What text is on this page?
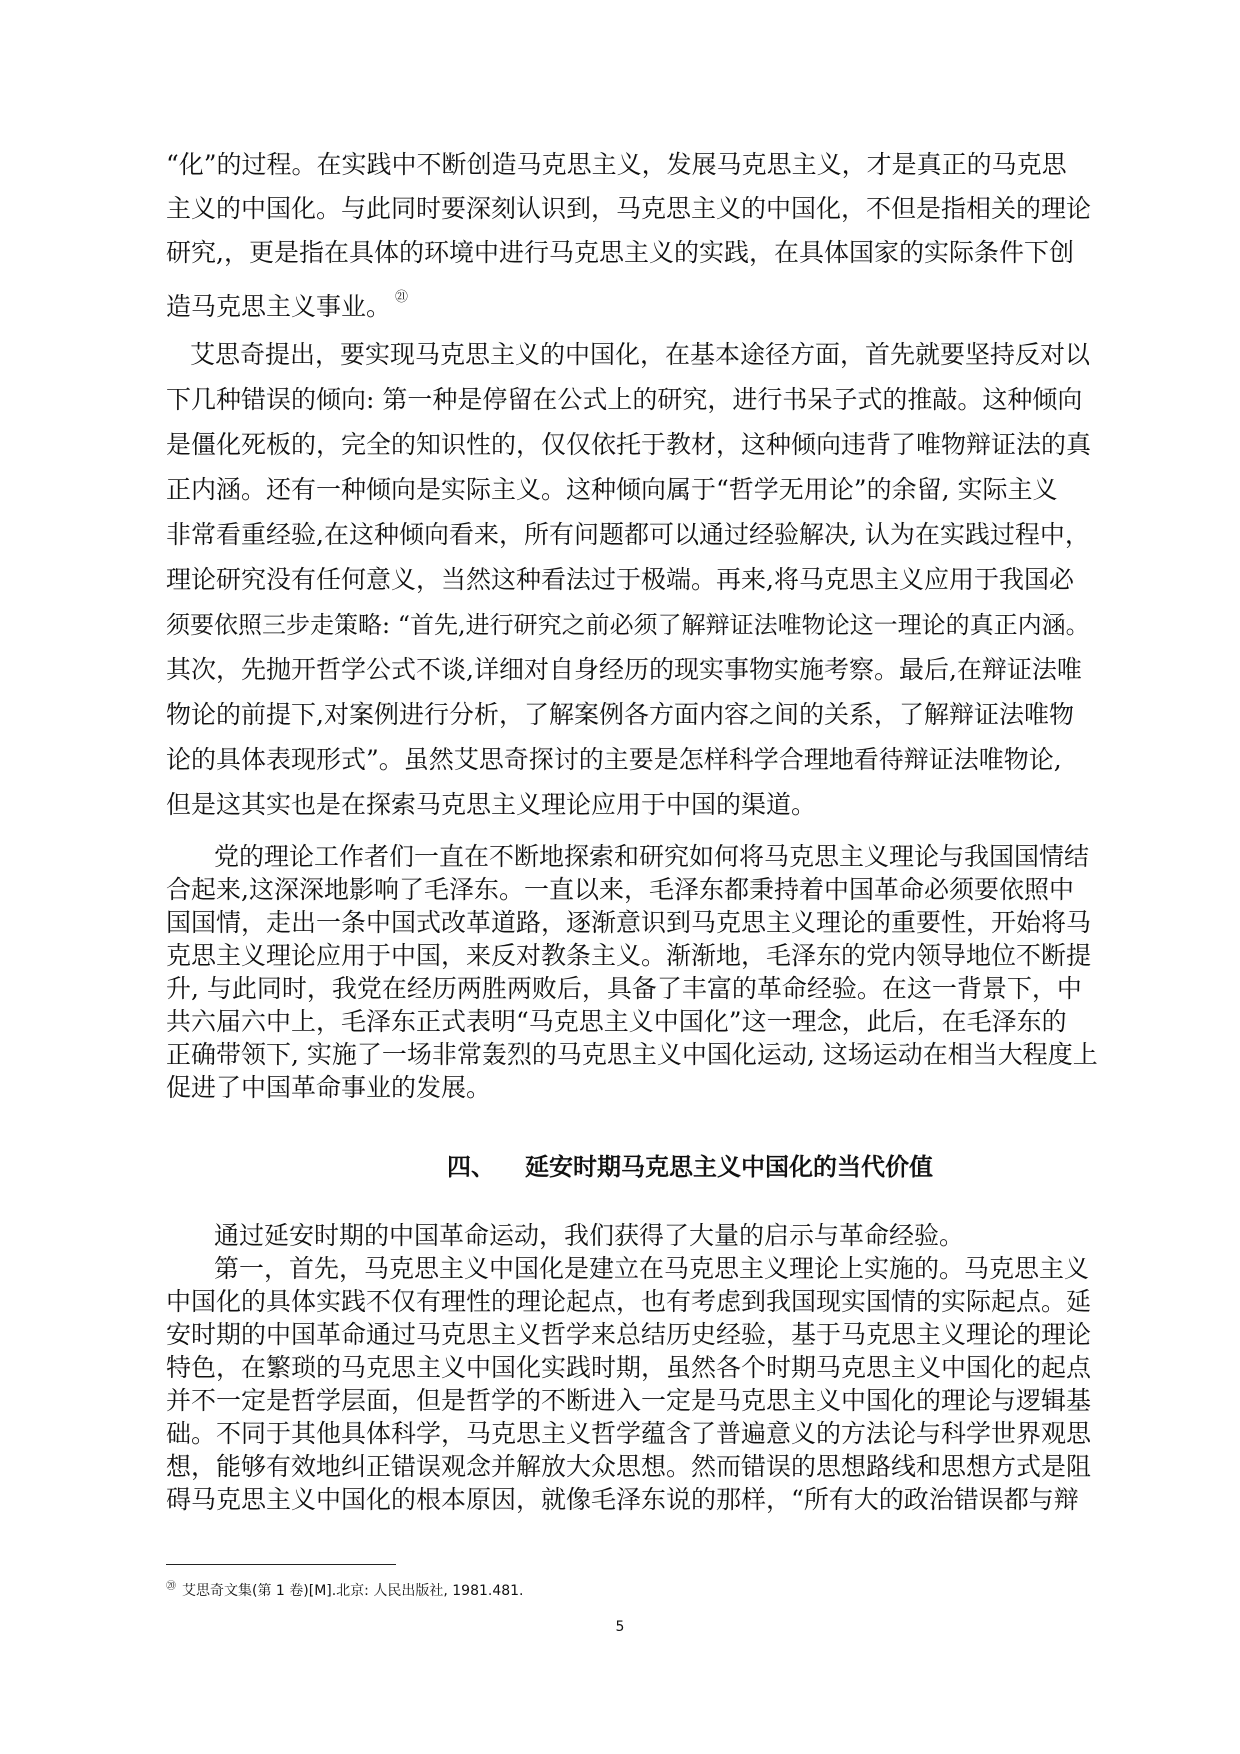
“化”的过程。在实践中不断创造马克思主义，发展马克思主义，才是真正的马克思

主义的中国化。与此同时要深刻认识到，马克思主义的中国化，不但是指相关的理论

研究,，更是指在具体的环境中进行马克思主义的实践，在具体国家的实际条件下创

造马克思主义事业。 $^㉑$

艾思奇提出，要实现马克思主义的中国化，在基本途径方面，首先就要坚持反对以

下几种错误的倾向: 第一种是停留在公式上的研究，进行书呆子式的推敲。这种倾向

是僵化死板的，完全的知识性的，仅仅依托于教材，这种倾向违背了唯物辩证法的真

正内涵。还有一种倾向是实际主义。这种倾向属于“哲学无用论”的余留, 实际主义

非常看重经验,在这种倾向看来，所有问题都可以通过经验解决, 认为在实践过程中，

理论研究没有任何意义，当然这种看法过于极端。再来,将马克思主义应用于我国必

须要依照三步走策略: “首先,进行研究之前必须了解辩证法唯物论这一理论的真正内涵。

其次，先抛开哲学公式不谈,详细对自身经历的现实事物实施考察。最后,在辩证法唯

物论的前提下,对案例进行分析，了解案例各方面内容之间的关系，了解辩证法唯物

论的具体表现形式”。虽然艾思奇探讨的主要是怎样科学合理地看待辩证法唯物论,

但是这其实也是在探索马克思主义理论应用于中国的渠道。

党的理论工作者们一直在不断地探索和研究如何将马克思主义理论与我国国情结

合起来,这深深地影响了毛泽东。一直以来，毛泽东都秉持着中国革命必须要依照中

国国情，走出一条中国式改革道路，逐渐意识到马克思主义理论的重要性，开始将马

克思主义理论应用于中国，来反对教条主义。渐渐地，毛泽东的党内领导地位不断提

升, 与此同时，我党在经历两胜两败后，具备了丰富的革命经验。在这一背景下，中

共六届六中上，毛泽东正式表明“马克思主义中国化”这一理念，此后，在毛泽东的

正确带领下, 实施了一场非常轰烈的马克思主义中国化运动, 这场运动在相当大程度上

促进了中国革命事业的发展。

四、 延安时期马克思主义中国化的当代价值

通过延安时期的中国革命运动，我们获得了大量的启示与革命经验。

第一，首先，马克思主义中国化是建立在马克思主义理论上实施的。马克思主义

中国化的具体实践不仅有理性的理论起点，也有考虑到我国现实国情的实际起点。延

安时期的中国革命通过马克思主义哲学来总结历史经验，基于马克思主义理论的理论

特色，在繁琐的马克思主义中国化实践时期，虽然各个时期马克思主义中国化的起点

并不一定是哲学层面，但是哲学的不断进入一定是马克思主义中国化的理论与逻辑基

础。不同于其他具体科学，马克思主义哲学蕴含了普遍意义的方法论与科学世界观思

想，能够有效地纠正错误观念并解放大众思想。然而错误的思想路线和思想方式是阻

碍马克思主义中国化的根本原因，就像毛泽东说的那样，“所有大的政治错误都与辩

⑳ 艾思奇文集(第 1 卷)[M].北京: 人民出版社, 1981.481.

5
